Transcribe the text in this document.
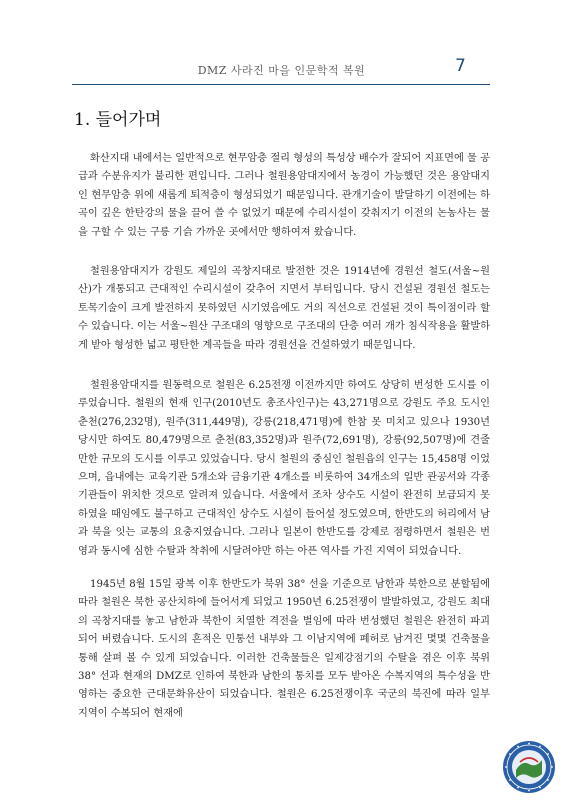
DMZ 사라진 마을 인문학적 복원	7
1. 들어가며

화산지대 내에서는 일반적으로 현무암층 절리 형성의 특성상 배수가 잘되어 지표면에 물 공급과 수분유지가 불리한 편입니다. 그러나 철원용암대지에서 농경이 가능했던 것은 용암대지인 현무암층 위에 새롭게 퇴적층이 형성되었기 때문입니다. 관개기술이 발달하기 이전에는 하곡이 깊은 한탄강의 물을 끌어 쓸 수 없었기 때문에 수리시설이 갖춰지기 이전의 논농사는 물을 구할 수 있는 구릉 기슭 가까운 곳에서만 행하여져 왔습니다.

철원용암대지가 강원도 제일의 곡창지대로 발전한 것은 1914년에 경원선 철도(서울~원산)가 개통되고 근대적인 수리시설이 갖추어 지면서 부터입니다. 당시 건설된 경원선 철도는 토목기술이 크게 발전하지 못하였던 시기였음에도 거의 직선으로 건설된 것이 특이점이라 할 수 있습니다. 이는 서울~원산 구조대의 영향으로 구조대의 단층 여러 개가 침식작용을 활발하게 받아 형성한 넓고 평탄한 계곡들을 따라 경원선을 건설하였기 때문입니다.

철원용암대지를 원동력으로 철원은 6.25전쟁 이전까지만 하여도 상당히 번성한 도시를 이루었습니다. 철원의 현재 인구(2010년도 총조사인구)는 43,271명으로 강원도 주요 도시인 춘천(276,232명), 원주(311,449명), 강릉(218,471명)에 한참 못 미치고 있으나 1930년 당시만 하여도 80,479명으로 춘천(83,352명)과 원주(72,691명), 강릉(92,507명)에 견줄만한 규모의 도시를 이루고 있었습니다. 당시 철원의 중심인 철원읍의 인구는 15,458명 이었으며, 읍내에는 교육기관 5개소와 금융기관 4개소를 비롯하여 34개소의 일반 관공서와 각종 기관들이 위치한 것으로 알려져 있습니다. 서울에서 조차 상수도 시설이 완전히 보급되지 못하였을 때임에도 불구하고 근대적인 상수도 시설이 들어설 정도였으며, 한반도의 허리에서 남과 북을 잇는 교통의 요충지였습니다. 그러나 일본이 한반도를 강제로 점령하면서 철원은 번영과 동시에 심한 수탈과 착취에 시달려야만 하는 아픈 역사를 가진 지역이 되었습니다.

1945년 8월 15일 광복 이후 한반도가 북위 38° 선을 기준으로 남한과 북한으로 분할됨에 따라 철원은 북한 공산치하에 들어서게 되었고 1950년 6.25전쟁이 발발하였고, 강원도 최대의 곡창지대를 놓고 남한과 북한이 치열한 격전을 벌임에 따라 번성했던 철원은 완전히 파괴되어 버렸습니다. 도시의 흔적은 민통선 내부와 그 이남지역에 폐허로 남겨진 몇몇 건축물을 통해 살펴 볼 수 있게 되었습니다. 이러한 건축물들은 일제강점기의 수탈을 겪은 이후 북위 38° 선과 현재의 DMZ로 인하여 북한과 남한의 통치를 모두 받아온 수복지역의 특수성을 반영하는 중요한 근대문화유산이 되었습니다. 철원은 6.25전쟁이후 국군의 북진에 따라 일부 지역이 수복되어 현재에
